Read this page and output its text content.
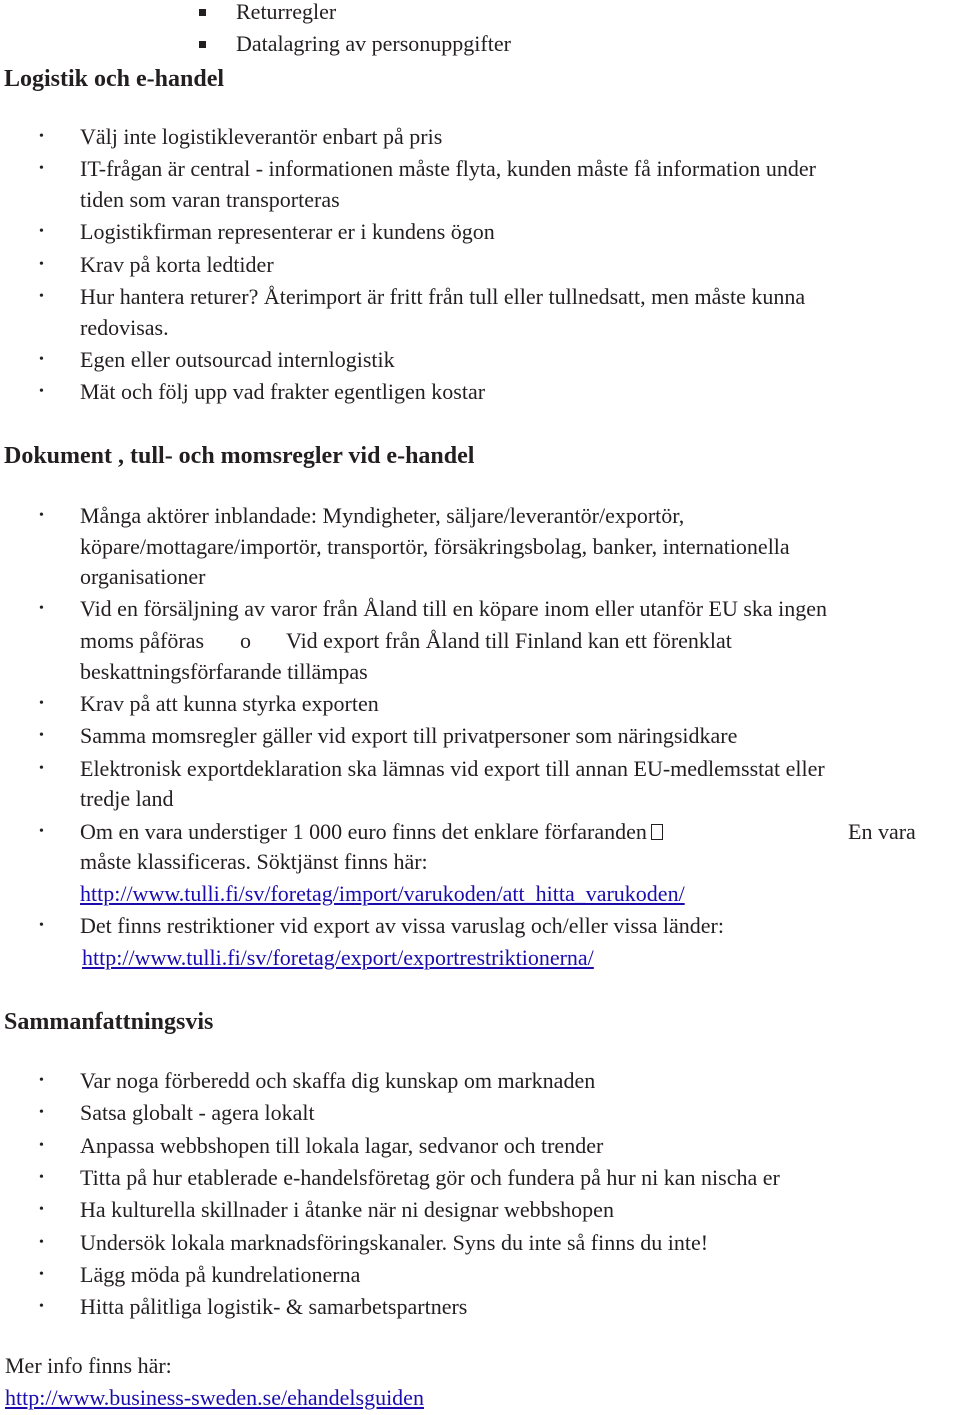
Returregler

Datalagring av personuppgifter

Logistik och e-handel
• Välj inte logistikleverantör enbart på pris

• IT-frågan är central - informationen måste flyta, kunden måste få information under

tiden som varan transporteras

• Logistikfirman representerar er i kundens ögon

• Krav på korta ledtider

• Hur hantera returer? Återimport är fritt från tull eller tullnedsatt, men måste kunna

redovisas.

• Egen eller outsourcad internlogistik

• Mät och följ upp vad frakter egentligen kostar

Dokument , tull- och momsregler vid e-handel
• Många aktörer inblandade: Myndigheter, säljare/leverantör/exportör,

köpare/mottagare/importör, transportör, försäkringsbolag, banker, internationella

organisationer

• Vid en försäljning av varor från Åland till en köpare inom eller utanför EU ska ingen

moms påföras o Vid export från Åland till Finland kan ett förenklat

beskattningsförfarande tillämpas

• Krav på att kunna styrka exporten

• Samma momsregler gäller vid export till privatpersoner som näringsidkare

• Elektronisk exportdeklaration ska lämnas vid export till annan EU-medlemsstat eller

tredje land

• Om en vara understiger 1 000 euro finns det enklare förfaranden	En vara

måste klassificeras. Söktjänst finns här:

http://www.tulli.fi/sv/foretag/import/varukoden/att_hitta_varukoden/

• Det finns restriktioner vid export av vissa varuslag och/eller vissa länder:

http://www.tulli.fi/sv/foretag/export/exportrestriktionerna/

Sammanfattningsvis
• Var noga förberedd och skaffa dig kunskap om marknaden

• Satsa globalt - agera lokalt

• Anpassa webbshopen till lokala lagar, sedvanor och trender

• Titta på hur etablerade e-handelsföretag gör och fundera på hur ni kan nischa er

• Ha kulturella skillnader i åtanke när ni designar webbshopen

• Undersök lokala marknadsföringskanaler. Syns du inte så finns du inte!

• Lägg möda på kundrelationerna

• Hitta pålitliga logistik- & samarbetspartners

Mer info finns här:

http://www.business-sweden.se/ehandelsguiden
